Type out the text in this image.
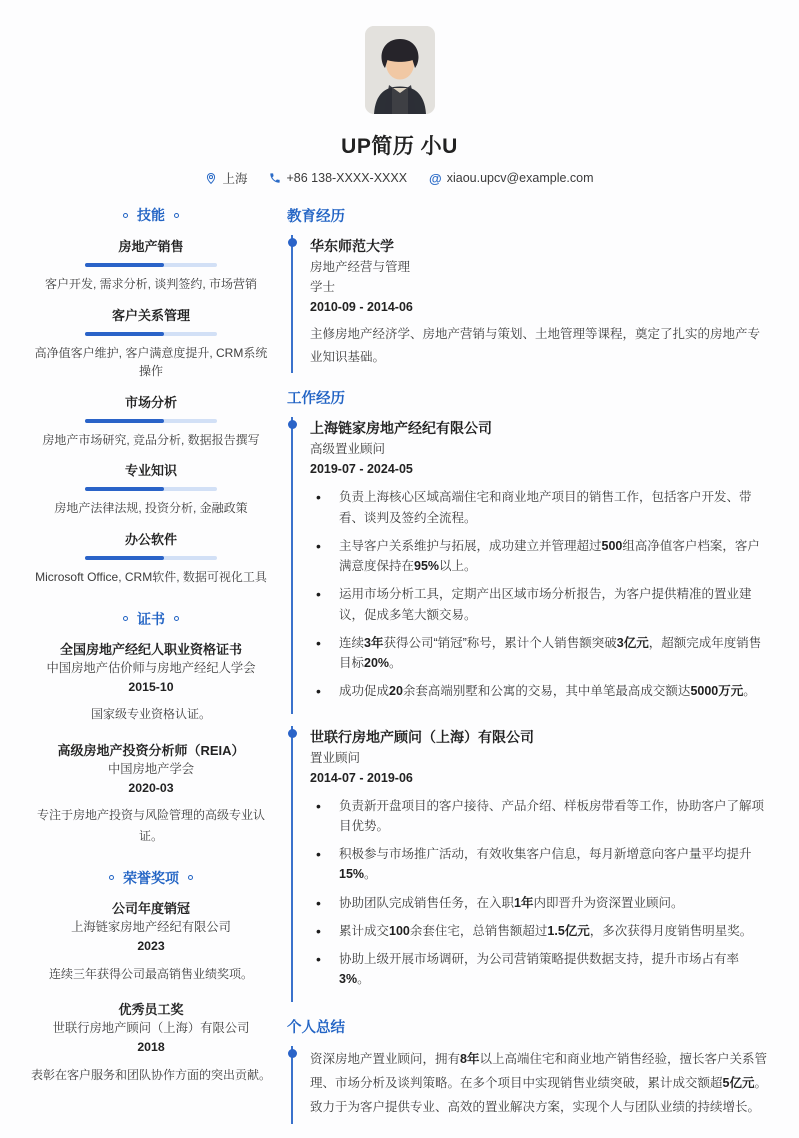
UP简历 小U
上海	+86 138-XXXX-XXXX @ xiaou.upcv@example.com
技能
房地产销售
客户开发, 需求分析, 谈判签约, 市场营销
客户关系管理
高净值客户维护, 客户满意度提升, CRM系统操作
市场分析
房地产市场研究, 竞品分析, 数据报告撰写
专业知识
房地产法律法规, 投资分析, 金融政策
办公软件
Microsoft Office, CRM软件, 数据可视化工具
证书
全国房地产经纪人职业资格证书
中国房地产估价师与房地产经纪人学会
2015-10
国家级专业资格认证。
高级房地产投资分析师（REIA）
中国房地产学会
2020-03
专注于房地产投资与风险管理的高级专业认证。
荣誉奖项
公司年度销冠
上海链家房地产经纪有限公司
2023
连续三年获得公司最高销售业绩奖项。
优秀员工奖
世联行房地产顾问（上海）有限公司
2018
表彰在客户服务和团队协作方面的突出贡献。
教育经历
华东师范大学
房地产经营与管理
学士
2010-09 - 2014-06
主修房地产经济学、房地产营销与策划、土地管理等课程，奠定了扎实的房地产专业知识基础。
工作经历
上海链家房地产经纪有限公司
高级置业顾问
2019-07 - 2024-05
• 负责上海核心区域高端住宅和商业地产项目的销售工作，包括客户开发、带看、谈判及签约全流程。
• 主导客户关系维护与拓展，成功建立并管理超过500组高净值客户档案，客户满意度保持在95%以上。
• 运用市场分析工具，定期产出区域市场分析报告，为客户提供精准的置业建议，促成多笔大额交易。
• 连续3年获得公司“销冠”称号，累计个人销售额突破3亿元，超额完成年度销售目标20%。
• 成功促成20余套高端别墅和公寓的交易，其中单笔最高成交额达5000万元。
世联行房地产顾问（上海）有限公司
置业顾问
2014-07 - 2019-06
• 负责新开盘项目的客户接待、产品介绍、样板房带看等工作，协助客户了解项目优势。
• 积极参与市场推广活动，有效收集客户信息，每月新增意向客户量平均提升15%。
• 协助团队完成销售任务，在入职1年内即晋升为资深置业顾问。
• 累计成交100余套住宅，总销售额超过1.5亿元，多次获得月度销售明星奖。
• 协助上级开展市场调研，为公司营销策略提供数据支持，提升市场占有率3%。
个人总结
资深房地产置业顾问，拥有8年以上高端住宅和商业地产销售经验，擅长客户关系管理、市场分析及谈判策略。在多个项目中实现销售业绩突破，累计成交额超5亿元。致力于为客户提供专业、高效的置业解决方案，实现个人与团队业绩的持续增长。
